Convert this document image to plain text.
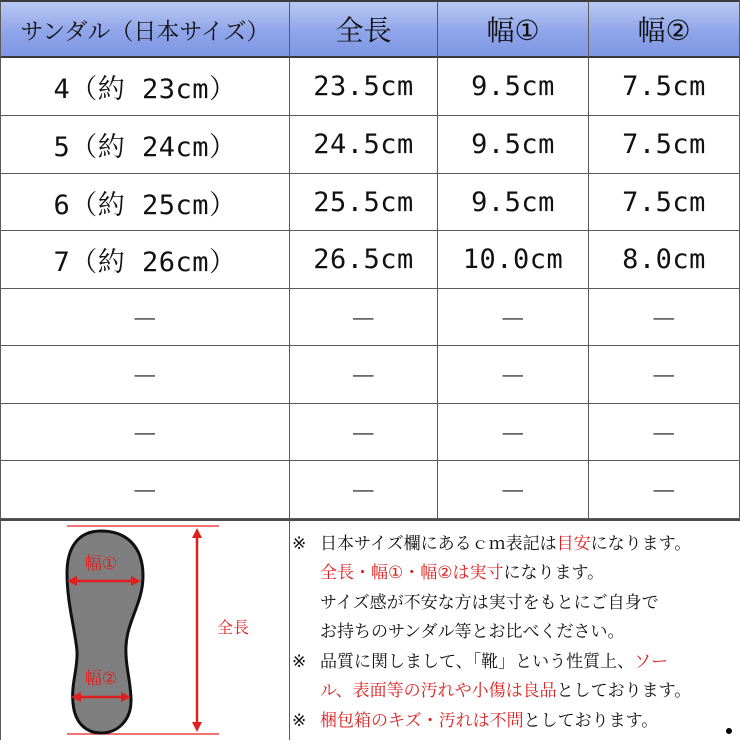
サンダル（日本サイズ）	全長	幅①	幅②
4（約 23cm）	23.5cm	9.5cm	7.5cm
5（約 24cm）	24.5cm	9.5cm	7.5cm
6（約 25cm）	25.5cm	9.5cm	7.5cm
7（約 26cm）	26.5cm	10.0cm	8.0cm
－	－	－	－
－	－	－	－
－	－	－	－
－	－	－	－
幅①
幅②
全長
※ 日本サイズ欄にあるｃｍ表記は目安になります。
全長・幅①・幅②は実寸になります。
サイズ感が不安な方は実寸をもとにご自身で
お持ちのサンダル等とお比べください。
※ 品質に関しまして、「靴」という性質上、ソー
ル、表面等の汚れや小傷は良品としております。
※ 梱包箱のキズ・汚れは不問としております。
